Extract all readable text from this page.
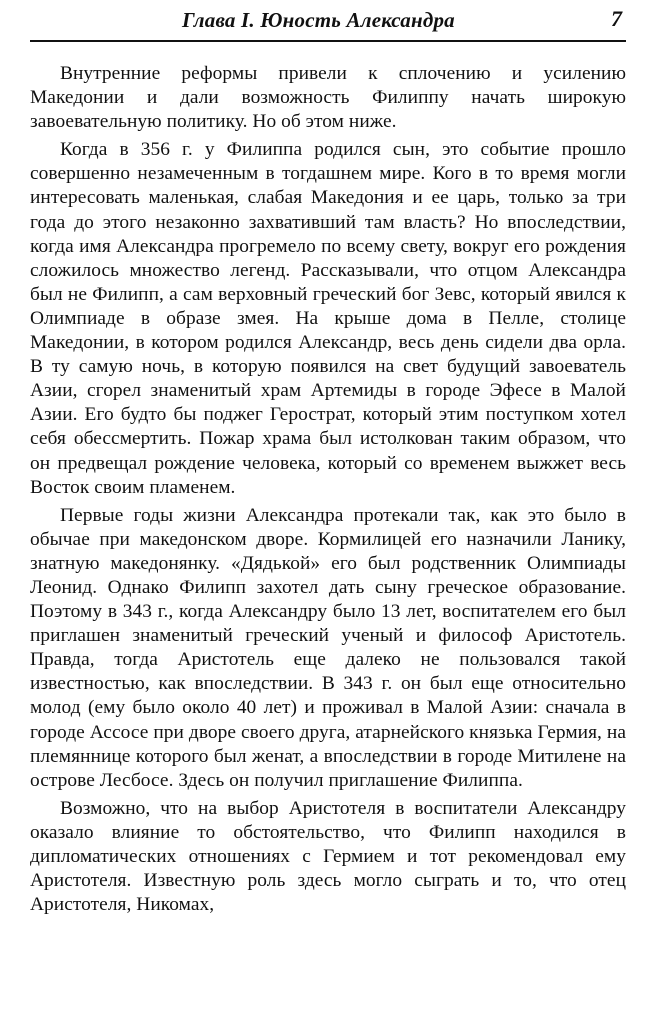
Глава I. Юность Александра	7

Внутренние реформы привели к сплочению и усилению Македонии и дали возможность Филиппу начать широкую завоевательную политику. Но об этом ниже.

Когда в 356 г. у Филиппа родился сын, это событие прошло совершенно незамеченным в тогдашнем мире. Кого в то время могли интересовать маленькая, слабая Македония и ее царь, только за три года до этого незаконно захвативший там власть? Но впоследствии, когда имя Александра прогремело по всему свету, вокруг его рождения сложилось множество легенд. Рассказывали, что отцом Александра был не Филипп, а сам верховный греческий бог Зевс, который явился к Олимпиаде в образе змея. На крыше дома в Пелле, столице Македонии, в котором родился Александр, весь день сидели два орла. В ту самую ночь, в которую появился на свет будущий завоеватель Азии, сгорел знаменитый храм Артемиды в городе Эфесе в Малой Азии. Его будто бы поджег Герострат, который этим поступком хотел себя обессмертить. Пожар храма был истолкован таким образом, что он предвещал рождение человека, который со временем выжжет весь Восток своим пламенем.

Первые годы жизни Александра протекали так, как это было в обычае при македонском дворе. Кормилицей его назначили Ланику, знатную македонянку. «Дядькой» его был родственник Олимпиады Леонид. Однако Филипп захотел дать сыну греческое образование. Поэтому в 343 г., когда Александру было 13 лет, воспитателем его был приглашен знаменитый греческий ученый и философ Аристотель. Правда, тогда Аристотель еще далеко не пользовался такой известностью, как впоследствии. В 343 г. он был еще относительно молод (ему было около 40 лет) и проживал в Малой Азии: сначала в городе Ассосе при дворе своего друга, атарнейского князька Гермия, на племяннице которого был женат, а впоследствии в городе Митилене на острове Лесбосе. Здесь он получил приглашение Филиппа.

Возможно, что на выбор Аристотеля в воспитатели Александру оказало влияние то обстоятельство, что Филипп находился в дипломатических отношениях с Гермием и тот рекомендовал ему Аристотеля. Известную роль здесь могло сыграть и то, что отец Аристотеля, Никомах,
